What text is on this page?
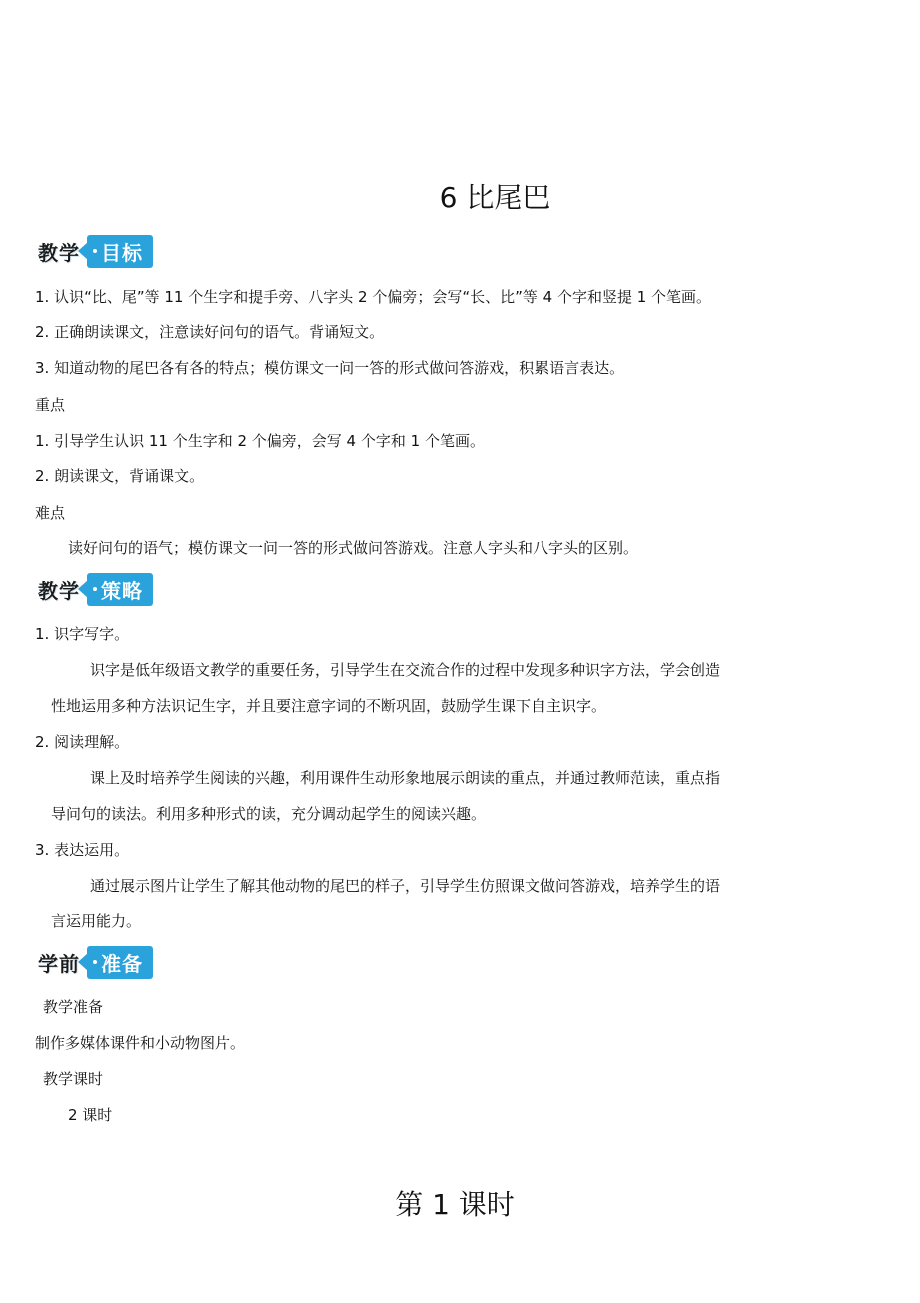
6 比尾巴
教学	目标
1. 认识“比、尾”等 11 个生字和提手旁、八字头 2 个偏旁；会写“长、比”等 4 个字和竖提 1 个笔画。
2. 正确朗读课文，注意读好问句的语气。背诵短文。
3. 知道动物的尾巴各有各的特点；模仿课文一问一答的形式做问答游戏，积累语言表达。
重点
1. 引导学生认识 11 个生字和 2 个偏旁，会写 4 个字和 1 个笔画。
2. 朗读课文，背诵课文。
难点
读好问句的语气；模仿课文一问一答的形式做问答游戏。注意人字头和八字头的区别。
教学	策略
1. 识字写字。
识字是低年级语文教学的重要任务，引导学生在交流合作的过程中发现多种识字方法，学会创造
性地运用多种方法识记生字，并且要注意字词的不断巩固，鼓励学生课下自主识字。
2. 阅读理解。
课上及时培养学生阅读的兴趣，利用课件生动形象地展示朗读的重点，并通过教师范读，重点指
导问句的读法。利用多种形式的读，充分调动起学生的阅读兴趣。
3. 表达运用。
通过展示图片让学生了解其他动物的尾巴的样子，引导学生仿照课文做问答游戏，培养学生的语
言运用能力。
学前	准备
教学准备
制作多媒体课件和小动物图片。
教学课时
2 课时
第 1 课时
